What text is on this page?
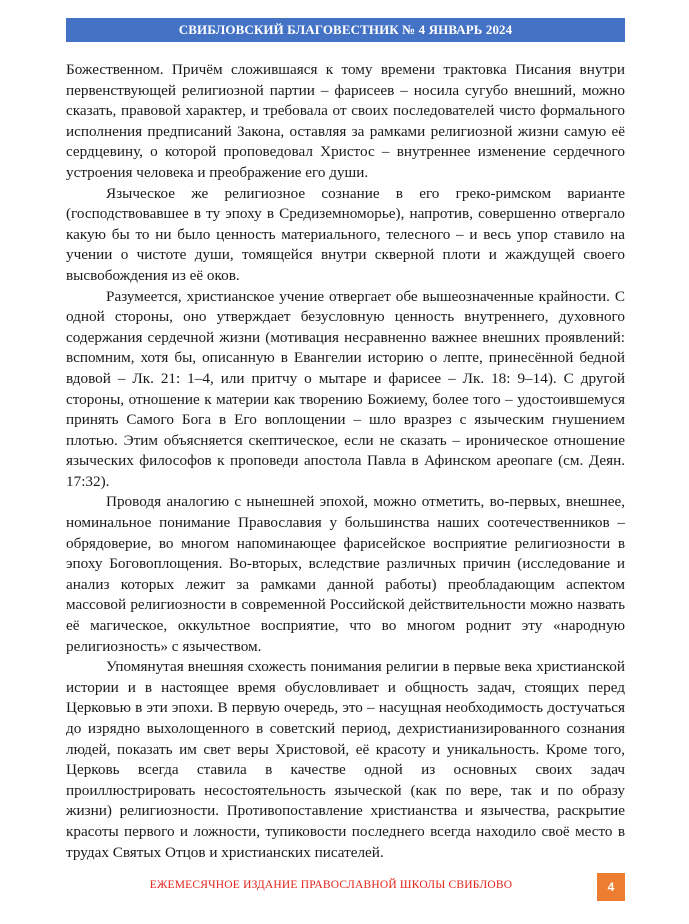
СВИБЛОВСКИЙ БЛАГОВЕСТНИК № 4 ЯНВАРЬ 2024

Божественном. Причём сложившаяся к тому времени трактовка Писания внутри первенствующей религиозной партии – фарисеев – носила сугубо внешний, можно сказать, правовой характер, и требовала от своих последователей чисто формального исполнения предписаний Закона, оставляя за рамками религиозной жизни самую её сердцевину, о которой проповедовал Христос – внутреннее изменение сердечного устроения человека и преображение его души.

Языческое же религиозное сознание в его греко-римском варианте (господствовавшее в ту эпоху в Средиземноморье), напротив, совершенно отвергало какую бы то ни было ценность материального, телесного – и весь упор ставило на учении о чистоте души, томящейся внутри скверной плоти и жаждущей своего высвобождения из её оков.

Разумеется, христианское учение отвергает обе вышеозначенные крайности. С одной стороны, оно утверждает безусловную ценность внутреннего, духовного содержания сердечной жизни (мотивация несравненно важнее внешних проявлений: вспомним, хотя бы, описанную в Евангелии историю о лепте, принесённой бедной вдовой – Лк. 21: 1–4, или притчу о мытаре и фарисее – Лк. 18: 9–14). С другой стороны, отношение к материи как творению Божиему, более того – удостоившемуся принять Самого Бога в Его воплощении – шло вразрез с языческим гнушением плотью. Этим объясняется скептическое, если не сказать – ироническое отношение языческих философов к проповеди апостола Павла в Афинском ареопаге (см. Деян. 17:32).

Проводя аналогию с нынешней эпохой, можно отметить, во-первых, внешнее, номинальное понимание Православия у большинства наших соотечественников – обрядоверие, во многом напоминающее фарисейское восприятие религиозности в эпоху Боговоплощения. Во-вторых, вследствие различных причин (исследование и анализ которых лежит за рамками данной работы) преобладающим аспектом массовой религиозности в современной Российской действительности можно назвать её магическое, оккультное восприятие, что во многом роднит эту «народную религиозность» с язычеством.

Упомянутая внешняя схожесть понимания религии в первые века христианской истории и в настоящее время обусловливает и общность задач, стоящих перед Церковью в эти эпохи. В первую очередь, это – насущная необходимость достучаться до изрядно выхолощенного в советский период, дехристианизированного сознания людей, показать им свет веры Христовой, её красоту и уникальность. Кроме того, Церковь всегда ставила в качестве одной из основных своих задач проиллюстрировать несостоятельность языческой (как по вере, так и по образу жизни) религиозности. Противопоставление христианства и язычества, раскрытие красоты первого и ложности, тупиковости последнего всегда находило своё место в трудах Святых Отцов и христианских писателей.

ЕЖЕМЕСЯЧНОЕ ИЗДАНИЕ ПРАВОСЛАВНОЙ ШКОЛЫ СВИБЛОВО	4
